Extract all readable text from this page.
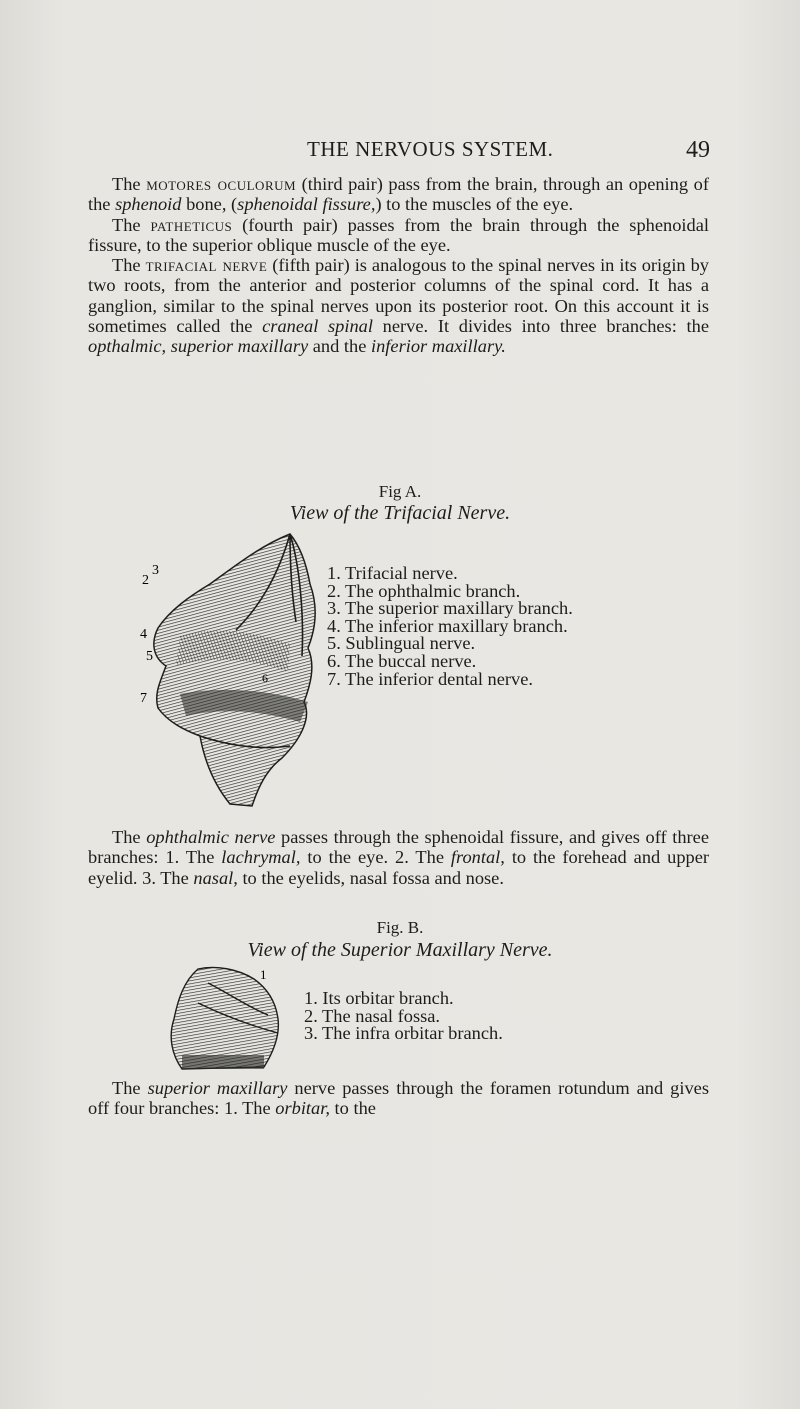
THE NERVOUS SYSTEM.	49

The motores oculorum (third pair) pass from the brain, through an opening of the sphenoid bone, (sphenoidal fissure,) to the muscles of the eye.

The patheticus (fourth pair) passes from the brain through the sphenoidal fissure, to the superior oblique muscle of the eye.

The trifacial nerve (fifth pair) is analogous to the spinal nerves in its origin by two roots, from the anterior and posterior columns of the spinal cord. It has a ganglion, similar to the spinal nerves upon its posterior root. On this account it is sometimes called the craneal spinal nerve. It divides into three branches: the opthalmic, superior maxillary and the inferior maxillary.

Fig A.
View of the Trifacial Nerve.
2
3
4
5
6
7
1. Trifacial nerve.
2. The ophthalmic branch.
3. The superior maxillary branch.
4. The inferior maxillary branch.
5. Sublingual nerve.
6. The buccal nerve.
7. The inferior dental nerve.

The ophthalmic nerve passes through the sphenoidal fissure, and gives off three branches: 1. The lachrymal, to the eye. 2. The frontal, to the forehead and upper eyelid. 3. The nasal, to the eyelids, nasal fossa and nose.

Fig. B.
View of the Superior Maxillary Nerve.
1
1. Its orbitar branch.
2. The nasal fossa.
3. The infra orbitar branch.

The superior maxillary nerve passes through the foramen rotundum and gives off four branches: 1. The orbitar, to the
